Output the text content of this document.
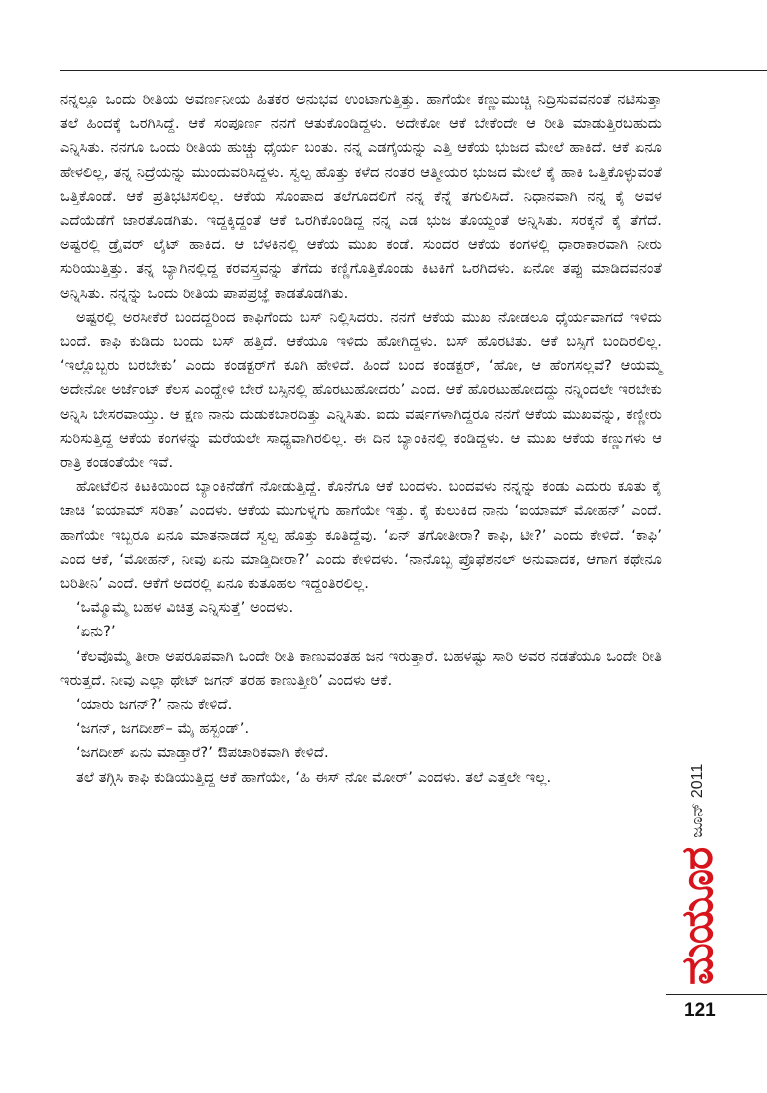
ನನ್ನಲ್ಲೂ ಒಂದು ರೀತಿಯ ಅವರ್ಣನೀಯ ಹಿತಕರ ಅನುಭವ ಉಂಟಾಗುತ್ತಿತ್ತು. ಹಾಗೆಯೇ ಕಣ್ಣುಮುಚ್ಚಿ ನಿದ್ರಿಸುವವನಂತೆ ನಟಿಸುತ್ತಾ ತಲೆ ಹಿಂದಕ್ಕೆ ಒರಗಿಸಿದ್ದೆ. ಆಕೆ ಸಂಪೂರ್ಣ ನನಗೆ ಆತುಕೊಂಡಿದ್ದಳು. ಅದೇಕೋ ಆಕೆ ಬೇಕೆಂದೇ ಆ ರೀತಿ ಮಾಡುತ್ತಿರಬಹುದು ಎನ್ನಿಸಿತು. ನನಗೂ ಒಂದು ರೀತಿಯ ಹುಚ್ಚು ಧೈರ್ಯ ಬಂತು. ನನ್ನ ಎಡಗೈಯನ್ನು ಎತ್ತಿ ಆಕೆಯ ಭುಜದ ಮೇಲೆ ಹಾಕಿದೆ. ಆಕೆ ಏನೂ ಹೇಳಲಿಲ್ಲ, ತನ್ನ ನಿದ್ರೆಯನ್ನು ಮುಂದುವರಿಸಿದ್ದಳು. ಸ್ವಲ್ಪ ಹೊತ್ತು ಕಳೆದ ನಂತರ ಆತ್ಮೀಯರ ಭುಜದ ಮೇಲೆ ಕೈ ಹಾಕಿ ಒತ್ತಿಕೊಳ್ಳುವಂತೆ ಒತ್ತಿಕೊಂಡೆ. ಆಕೆ ಪ್ರತಿಭಟಿಸಲಿಲ್ಲ. ಆಕೆಯ ಸೊಂಪಾದ ತಲೆಗೂದಲಿಗೆ ನನ್ನ ಕೆನ್ನೆ ತಗುಲಿಸಿದೆ. ನಿಧಾನವಾಗಿ ನನ್ನ ಕೈ ಅವಳ ಎದೆಯೆಡೆಗೆ ಜಾರತೊಡಗಿತು. ಇದ್ದಕ್ಕಿದ್ದಂತೆ ಆಕೆ ಒರಗಿಕೊಂಡಿದ್ದ ನನ್ನ ಎಡ ಭುಜ ತೊಯ್ದಂತೆ ಅನ್ನಿಸಿತು. ಸರಕ್ಕನೆ ಕೈ ತೆಗೆದೆ. ಅಷ್ಟರಲ್ಲಿ ಡ್ರೈವರ್ ಲೈಟ್ ಹಾಕಿದ. ಆ ಬೆಳಕಿನಲ್ಲಿ ಆಕೆಯ ಮುಖ ಕಂಡೆ. ಸುಂದರ ಆಕೆಯ ಕಂಗಳಲ್ಲಿ ಧಾರಾಕಾರವಾಗಿ ನೀರು ಸುರಿಯುತ್ತಿತ್ತು. ತನ್ನ ಬ್ಯಾಗಿನಲ್ಲಿದ್ದ ಕರವಸ್ತ್ರವನ್ನು ತೆಗೆದು ಕಣ್ಣಿಗೊತ್ತಿಕೊಂಡು ಕಿಟಕಿಗೆ ಒರಗಿದಳು. ಏನೋ ತಪ್ಪು ಮಾಡಿದವನಂತೆ ಅನ್ನಿಸಿತು. ನನ್ನನ್ನು ಒಂದು ರೀತಿಯ ಪಾಪಪ್ರಜ್ಞೆ ಕಾಡತೊಡಗಿತು.

ಅಷ್ಟರಲ್ಲಿ ಅರಸೀಕೆರೆ ಬಂದದ್ದರಿಂದ ಕಾಫಿಗೆಂದು ಬಸ್ ನಿಲ್ಲಿಸಿದರು. ನನಗೆ ಆಕೆಯ ಮುಖ ನೋಡಲೂ ಧೈರ್ಯವಾಗದೆ ಇಳಿದು ಬಂದೆ. ಕಾಫಿ ಕುಡಿದು ಬಂದು ಬಸ್ ಹತ್ತಿದೆ. ಆಕೆಯೂ ಇಳಿದು ಹೋಗಿದ್ದಳು. ಬಸ್ ಹೊರಟಿತು. ಆಕೆ ಬಸ್ಸಿಗೆ ಬಂದಿರಲಿಲ್ಲ. ‘ಇಲ್ಲೊಬ್ಬರು ಬರಬೇಕು’ ಎಂದು ಕಂಡಕ್ಟರ್‌ಗೆ ಕೂಗಿ ಹೇಳಿದೆ. ಹಿಂದೆ ಬಂದ ಕಂಡಕ್ಟರ್, ‘ಹೋ, ಆ ಹೆಂಗಸಲ್ಲವೆ? ಆಯಮ್ಮ ಅದೇನೋ ಅರ್ಜೆಂಟ್ ಕೆಲಸ ಎಂದ್ಹೇಳಿ ಬೇರೆ ಬಸ್ಸಿನಲ್ಲಿ ಹೊರಟುಹೋದರು’ ಎಂದ. ಆಕೆ ಹೊರಟುಹೋದದ್ದು ನನ್ನಿಂದಲೇ ಇರಬೇಕು ಅನ್ನಿಸಿ ಬೇಸರವಾಯ್ತು. ಆ ಕ್ಷಣ ನಾನು ದುಡುಕಬಾರದಿತ್ತು ಎನ್ನಿಸಿತು. ಐದು ವರ್ಷಗಳಾಗಿದ್ದರೂ ನನಗೆ ಆಕೆಯ ಮುಖವನ್ನು, ಕಣ್ಣೀರು ಸುರಿಸುತ್ತಿದ್ದ ಆಕೆಯ ಕಂಗಳನ್ನು ಮರೆಯಲೇ ಸಾಧ್ಯವಾಗಿರಲಿಲ್ಲ. ಈ ದಿನ ಬ್ಯಾಂಕಿನಲ್ಲಿ ಕಂಡಿದ್ದಳು. ಆ ಮುಖ ಆಕೆಯ ಕಣ್ಣುಗಳು ಆ ರಾತ್ರಿ ಕಂಡಂತೆಯೇ ಇವೆ.

ಹೋಟೆಲಿನ ಕಿಟಕಿಯಿಂದ ಬ್ಯಾಂಕಿನೆಡೆಗೆ ನೋಡುತ್ತಿದ್ದೆ. ಕೊನೆಗೂ ಆಕೆ ಬಂದಳು. ಬಂದವಳು ನನ್ನನ್ನು ಕಂಡು ಎದುರು ಕೂತು ಕೈ ಚಾಚಿ ‘ಐಯಾಮ್ ಸರಿತಾ’ ಎಂದಳು. ಆಕೆಯ ಮುಗುಳ್ನಗು ಹಾಗೆಯೇ ಇತ್ತು. ಕೈ ಕುಲುಕಿದ ನಾನು ‘ಐಯಾಮ್ ಮೋಹನ್’ ಎಂದೆ. ಹಾಗೆಯೇ ಇಬ್ಬರೂ ಏನೂ ಮಾತನಾಡದೆ ಸ್ವಲ್ಪ ಹೊತ್ತು ಕೂತಿದ್ದೆವು. ‘ಏನ್ ತಗೋತೀರಾ? ಕಾಫಿ, ಟೀ?’ ಎಂದು ಕೇಳಿದೆ. ‘ಕಾಫಿ’ ಎಂದ ಆಕೆ, ‘ಮೋಹನ್, ನೀವು ಏನು ಮಾಡ್ತಿದೀರಾ?’ ಎಂದು ಕೇಳಿದಳು. ‘ನಾನೊಬ್ಬ ಪ್ರೊಫೆಶನಲ್ ಅನುವಾದಕ, ಆಗಾಗ ಕಥೇನೂ ಬರಿತೀನಿ’ ಎಂದೆ. ಆಕೆಗೆ ಅದರಲ್ಲಿ ಏನೂ ಕುತೂಹಲ ಇದ್ದಂತಿರಲಿಲ್ಲ.

‘ಒಮ್ಮೊಮ್ಮೆ ಬಹಳ ವಿಚಿತ್ರ ಎನ್ನಿಸುತ್ತೆ’ ಅಂದಳು.

‘ಏನು?’

‘ಕೆಲವೊಮ್ಮೆ ತೀರಾ ಅಪರೂಪವಾಗಿ ಒಂದೇ ರೀತಿ ಕಾಣುವಂತಹ ಜನ ಇರುತ್ತಾರೆ. ಬಹಳಷ್ಟು ಸಾರಿ ಅವರ ನಡತೆಯೂ ಒಂದೇ ರೀತಿ ಇರುತ್ತದೆ. ನೀವು ಎಲ್ಲಾ ಥೇಟ್ ಜಗನ್ ತರಹ ಕಾಣುತ್ತೀರಿ’ ಎಂದಳು ಆಕೆ.

‘ಯಾರು ಜಗನ್?’ ನಾನು ಕೇಳಿದೆ.

‘ಜಗನ್, ಜಗದೀಶ್– ಮೈ ಹಸ್ಬಂಡ್’.

‘ಜಗದೀಶ್ ಏನು ಮಾಡ್ತಾರೆ?’ ಔಪಚಾರಿಕವಾಗಿ ಕೇಳಿದೆ.

ತಲೆ ತಗ್ಗಿಸಿ ಕಾಫಿ ಕುಡಿಯುತ್ತಿದ್ದ ಆಕೆ ಹಾಗೆಯೇ, ‘ಹಿ ಈಸ್ ನೋ ಮೋರ್’ ಎಂದಳು. ತಲೆ ಎತ್ತಲೇ ಇಲ್ಲ.

ಮಯೂರ
ಜೂನ್ 2011
121
